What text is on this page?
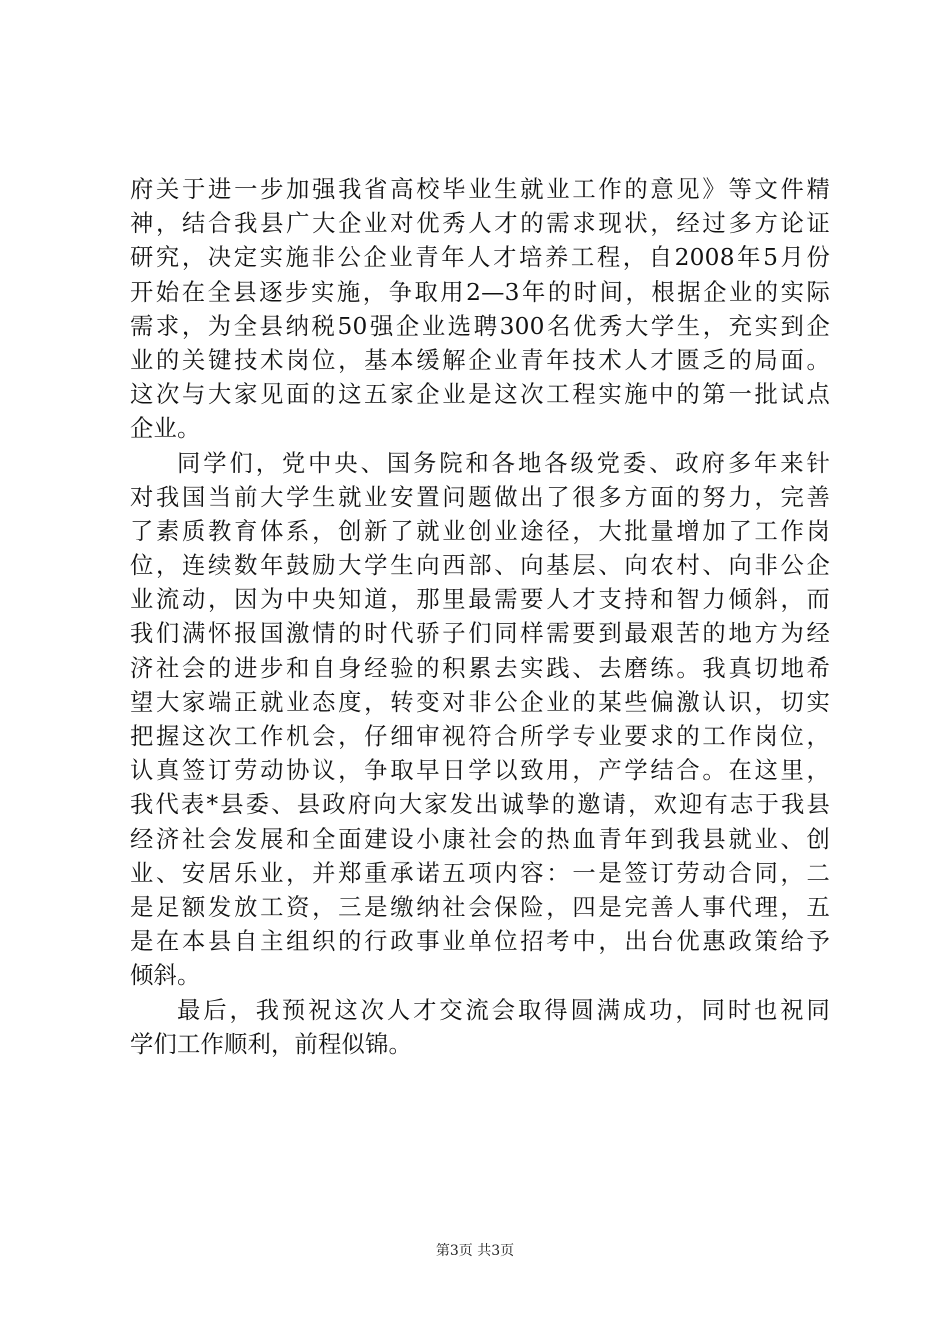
府关于进一步加强我省高校毕业生就业工作的意见》等文件精
神，结合我县广大企业对优秀人才的需求现状，经过多方论证
研究，决定实施非公企业青年人才培养工程，自2008年5月份
开始在全县逐步实施，争取用2—3年的时间，根据企业的实际
需求，为全县纳税50强企业选聘300名优秀大学生，充实到企
业的关键技术岗位，基本缓解企业青年技术人才匮乏的局面。
这次与大家见面的这五家企业是这次工程实施中的第一批试点
企业。
同学们，党中央、国务院和各地各级党委、政府多年来针
对我国当前大学生就业安置问题做出了很多方面的努力，完善
了素质教育体系，创新了就业创业途径，大批量增加了工作岗
位，连续数年鼓励大学生向西部、向基层、向农村、向非公企
业流动，因为中央知道，那里最需要人才支持和智力倾斜，而
我们满怀报国激情的时代骄子们同样需要到最艰苦的地方为经
济社会的进步和自身经验的积累去实践、去磨练。我真切地希
望大家端正就业态度，转变对非公企业的某些偏激认识，切实
把握这次工作机会，仔细审视符合所学专业要求的工作岗位，
认真签订劳动协议，争取早日学以致用，产学结合。在这里，
我代表*县委、县政府向大家发出诚挚的邀请，欢迎有志于我县
经济社会发展和全面建设小康社会的热血青年到我县就业、创
业、安居乐业，并郑重承诺五项内容：一是签订劳动合同，二
是足额发放工资，三是缴纳社会保险，四是完善人事代理，五
是在本县自主组织的行政事业单位招考中，出台优惠政策给予
倾斜。
最后，我预祝这次人才交流会取得圆满成功，同时也祝同
学们工作顺利，前程似锦。
第3页 共3页
